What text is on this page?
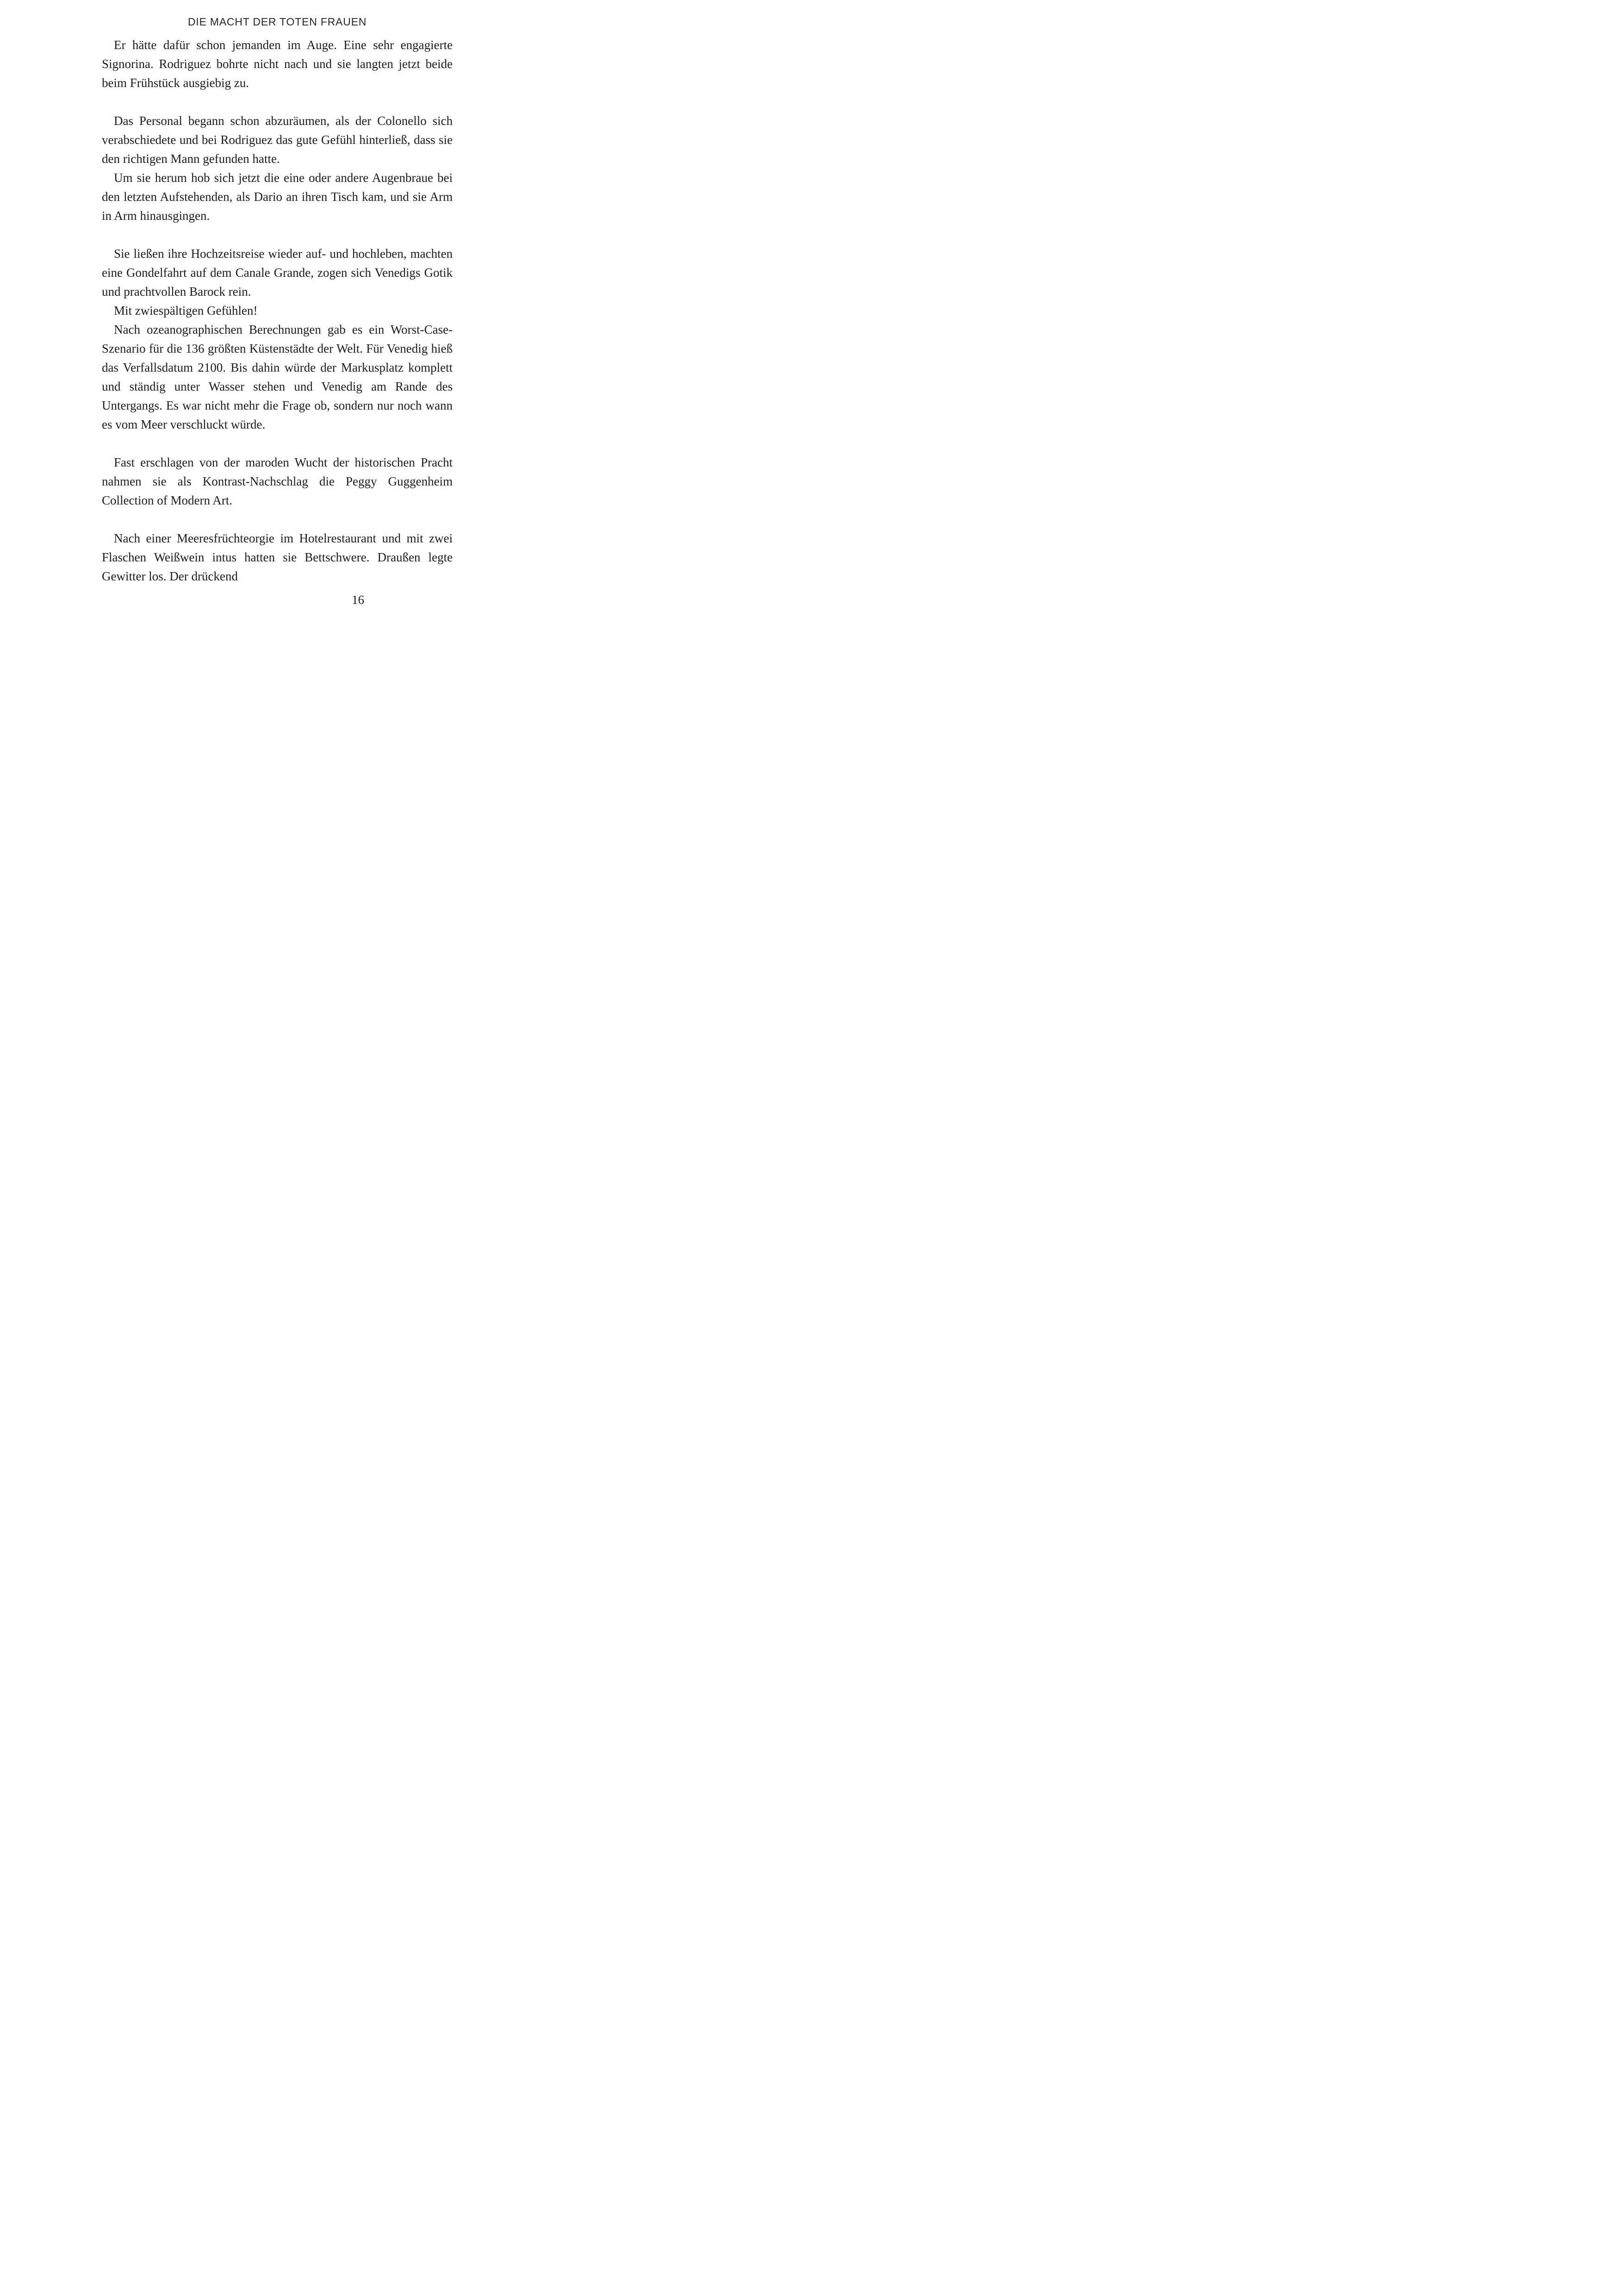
DIE MACHT DER TOTEN FRAUEN

Er hätte dafür schon jemanden im Auge. Eine sehr engagierte Signorina. Rodriguez bohrte nicht nach und sie langten jetzt beide beim Frühstück ausgiebig zu.

Das Personal begann schon abzuräumen, als der Colonello sich verabschiedete und bei Rodriguez das gute Gefühl hinterließ, dass sie den richtigen Mann gefunden hatte.

Um sie herum hob sich jetzt die eine oder andere Augenbraue bei den letzten Aufstehenden, als Dario an ihren Tisch kam, und sie Arm in Arm hinausgingen.

Sie ließen ihre Hochzeitsreise wieder auf- und hochleben, machten eine Gondelfahrt auf dem Canale Grande, zogen sich Venedigs Gotik und prachtvollen Barock rein.

Mit zwiespältigen Gefühlen!

Nach ozeanographischen Berechnungen gab es ein Worst-Case-Szenario für die 136 größten Küstenstädte der Welt. Für Venedig hieß das Verfallsdatum 2100. Bis dahin würde der Markusplatz komplett und ständig unter Wasser stehen und Venedig am Rande des Untergangs. Es war nicht mehr die Frage ob, sondern nur noch wann es vom Meer verschluckt würde.

Fast erschlagen von der maroden Wucht der historischen Pracht nahmen sie als Kontrast-Nachschlag die Peggy Guggenheim Collection of Modern Art.

Nach einer Meeresfrüchteorgie im Hotelrestaurant und mit zwei Flaschen Weißwein intus hatten sie Bettschwere. Draußen legte Gewitter los. Der drückend

16
